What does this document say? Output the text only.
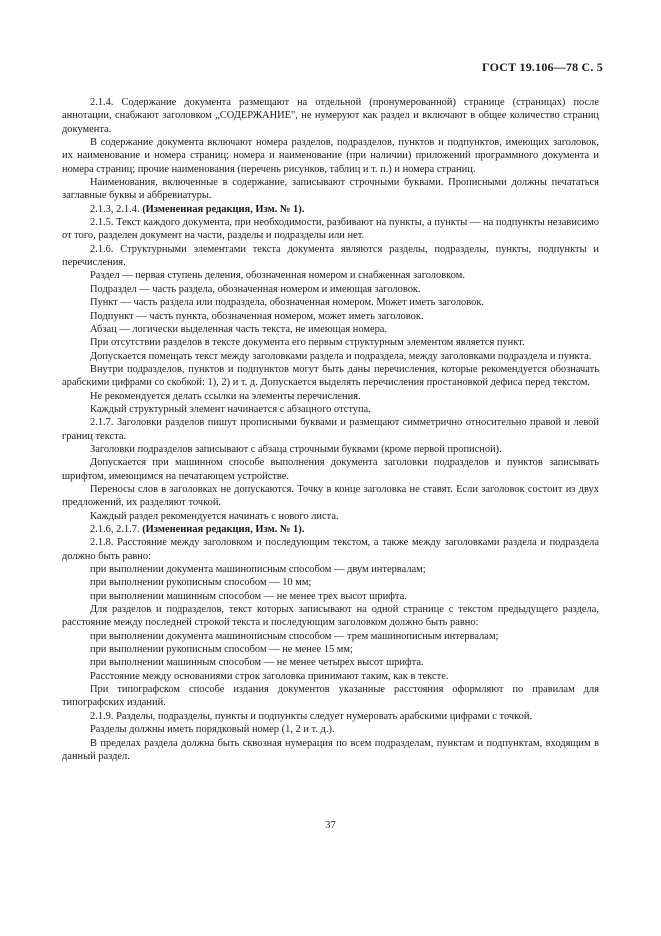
ГОСТ 19.106—78 С. 5

2.1.4. Содержание документа размещают на отдельной (пронумерованной) странице (страницах) после аннотации, снабжают заголовком „СОДЕРЖАНИЕ", не нумеруют как раздел и включают в общее количество страниц документа.

В содержание документа включают номера разделов, подразделов, пунктов и подпунктов, имеющих заголовок, их наименование и номера страниц; номера и наименование (при наличии) приложений программного документа и номера страниц; прочие наименования (перечень рисунков, таблиц и т. п.) и номера страниц.

Наименования, включенные в содержание, записывают строчными буквами. Прописными должны печататься заглавные буквы и аббревиатуры.

2.1.3, 2.1.4. (Измененная редакция, Изм. № 1).

2.1.5. Текст каждого документа, при необходимости, разбивают на пункты, а пункты — на подпункты независимо от того, разделен документ на части, разделы и подразделы или нет.

2.1.6. Структурными элементами текста документа являются разделы, подразделы, пункты, подпункты и перечисления.

Раздел — первая ступень деления, обозначенная номером и снабженная заголовком.

Подраздел — часть раздела, обозначенная номером и имеющая заголовок.

Пункт — часть раздела или подраздела, обозначенная номером. Может иметь заголовок.

Подпункт — часть пункта, обозначенная номером, может иметь заголовок.

Абзац — логически выделенная часть текста, не имеющая номера.

При отсутствии разделов в тексте документа его первым структурным элементом является пункт.

Допускается помещать текст между заголовками раздела и подраздела, между заголовками подраздела и пункта.

Внутри подразделов, пунктов и подпунктов могут быть даны перечисления, которые рекомендуется обозначать арабскими цифрами со скобкой: 1), 2) и т. д. Допускается выделять перечисления простановкой дефиса перед текстом.

Не рекомендуется делать ссылки на элементы перечисления.

Каждый структурный элемент начинается с абзацного отступа.

2.1.7. Заголовки разделов пишут прописными буквами и размещают симметрично относительно правой и левой границ текста.

Заголовки подразделов записывают с абзаца строчными буквами (кроме первой прописной).

Допускается при машинном способе выполнения документа заголовки подразделов и пунктов записывать шрифтом, имеющимся на печатающем устройстве.

Переносы слов в заголовках не допускаются. Точку в конце заголовка не ставят. Если заголовок состоит из двух предложений, их разделяют точкой.

Каждый раздел рекомендуется начинать с нового листа.

2.1.6, 2.1.7. (Измененная редакция, Изм. № 1).

2.1.8. Расстояние между заголовком и последующим текстом, а также между заголовками раздела и подраздела должно быть равно:

при выполнении документа машинописным способом — двум интервалам;

при выполнении рукописным способом — 10 мм;

при выполнении машинным способом — не менее трех высот шрифта.

Для разделов и подразделов, текст которых записывают на одной странице с текстом предыдущего раздела, расстояние между последней строкой текста и последующим заголовком должно быть равно:

при выполнении документа машинописным способом — трем машинописным интервалам;

при выполнении рукописным способом — не менее 15 мм;

при выполнении машинным способом — не менее четырех высот шрифта.

Расстояние между основаниями строк заголовка принимают таким, как в тексте.

При типографском способе издания документов указанные расстояния оформляют по правилам для типографских изданий.

2.1.9. Разделы, подразделы, пункты и подпункты следует нумеровать арабскими цифрами с точкой.

Разделы должны иметь порядковый номер (1, 2 и т. д.).

В пределах раздела должна быть сквозная нумерация по всем подразделам, пунктам и подпунктам, входящим в данный раздел.

37
